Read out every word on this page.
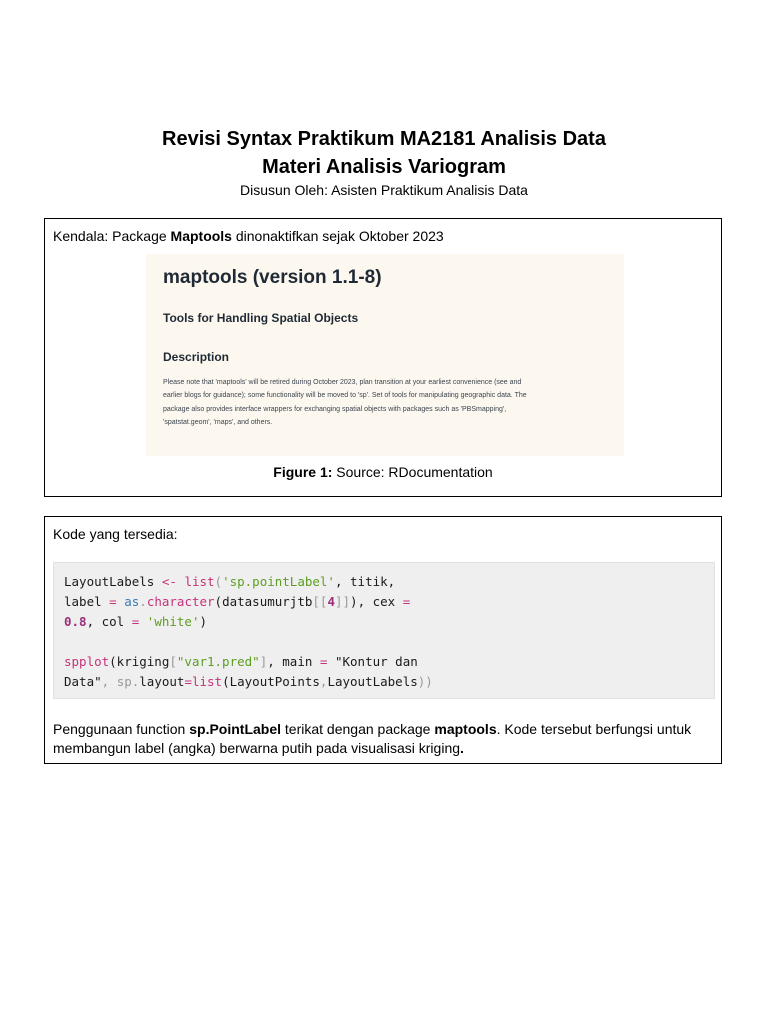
Revisi Syntax Praktikum MA2181 Analisis Data
Materi Analisis Variogram
Disusun Oleh: Asisten Praktikum Analisis Data
Kendala: Package Maptools dinonaktifkan sejak Oktober 2023
maptools (version 1.1-8)
Tools for Handling Spatial Objects
Description
Please note that 'maptools' will be retired during October 2023, plan transition at your earliest convenience (see and
earlier blogs for guidance); some functionality will be moved to 'sp'. Set of tools for manipulating geographic data. The
package also provides interface wrappers for exchanging spatial objects with packages such as 'PBSmapping',
'spatstat.geom', 'maps', and others.
Figure 1: Source: RDocumentation
Kode yang tersedia:
LayoutLabels <- list('sp.pointLabel', titik,
label = as.character(datasumurjtb[[4]]), cex =
0.8, col = 'white')
spplot(kriging["var1.pred"], main = "Kontur dan
Data", sp.layout=list(LayoutPoints,LayoutLabels))
Penggunaan function sp.PointLabel terikat dengan package maptools. Kode tersebut berfungsi untuk membangun label (angka) berwarna putih pada visualisasi kriging.
